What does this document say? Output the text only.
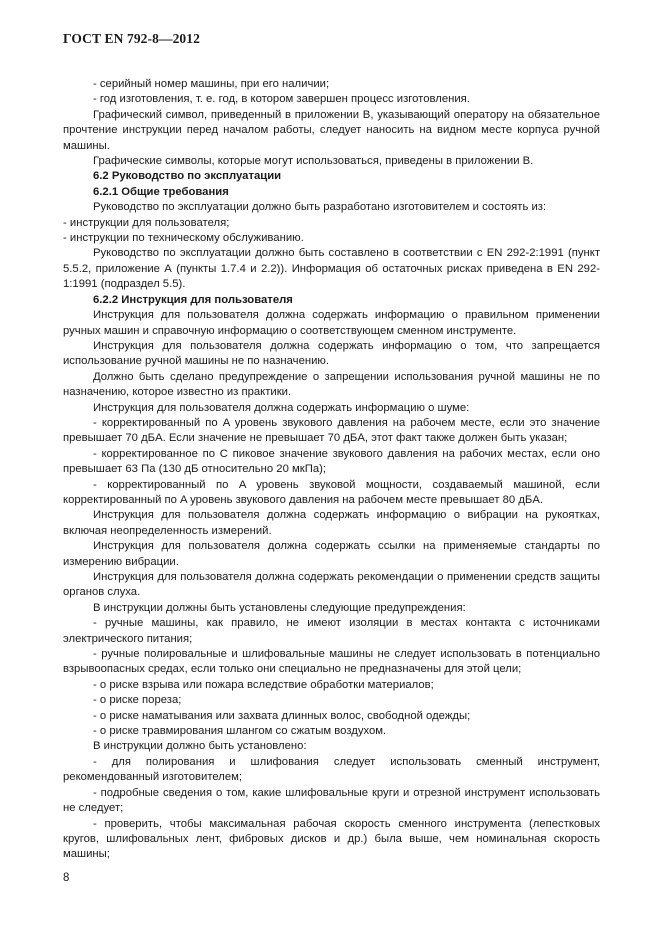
ГОСТ EN 792-8—2012

- серийный номер машины, при его наличии;

- год изготовления, т. е. год, в котором завершен процесс изготовления.

Графический символ, приведенный в приложении В, указывающий оператору на обязательное прочтение инструкции перед началом работы, следует наносить на видном месте корпуса ручной машины.

Графические символы, которые могут использоваться, приведены в приложении В.

6.2 Руководство по эксплуатации

6.2.1 Общие требования

Руководство по эксплуатации должно быть разработано изготовителем и состоять из:

- инструкции для пользователя;

- инструкции по техническому обслуживанию.

Руководство по эксплуатации должно быть составлено в соответствии с EN 292-2:1991 (пункт 5.5.2, приложение А (пункты 1.7.4 и 2.2)). Информация об остаточных рисках приведена в EN 292-1:1991 (подраздел 5.5).

6.2.2 Инструкция для пользователя

Инструкция для пользователя должна содержать информацию о правильном применении ручных машин и справочную информацию о соответствующем сменном инструменте.

Инструкция для пользователя должна содержать информацию о том, что запрещается использование ручной машины не по назначению.

Должно быть сделано предупреждение о запрещении использования ручной машины не по назначению, которое известно из практики.

Инструкция для пользователя должна содержать информацию о шуме:

- корректированный по A уровень звукового давления на рабочем месте, если это значение превышает 70 дБA. Если значение не превышает 70 дБA, этот факт также должен быть указан;

- корректированное по C пиковое значение звукового давления на рабочих местах, если оно превышает 63 Па (130 дБ относительно 20 мкПа);

- корректированный по A уровень звуковой мощности, создаваемый машиной, если корректированный по A уровень звукового давления на рабочем месте превышает 80 дБA.

Инструкция для пользователя должна содержать информацию о вибрации на рукоятках, включая неопределенность измерений.

Инструкция для пользователя должна содержать ссылки на применяемые стандарты по измерению вибрации.

Инструкция для пользователя должна содержать рекомендации о применении средств защиты органов слуха.

В инструкции должны быть установлены следующие предупреждения:

- ручные машины, как правило, не имеют изоляции в местах контакта с источниками электрического питания;

- ручные полировальные и шлифовальные машины не следует использовать в потенциально взрывоопасных средах, если только они специально не предназначены для этой цели;

- о риске взрыва или пожара вследствие обработки материалов;

- о риске пореза;

- о риске наматывания или захвата длинных волос, свободной одежды;

- о риске травмирования шлангом со сжатым воздухом.

В инструкции должно быть установлено:

- для полирования и шлифования следует использовать сменный инструмент, рекомендованный изготовителем;

- подробные сведения о том, какие шлифовальные круги и отрезной инструмент использовать не следует;

- проверить, чтобы максимальная рабочая скорость сменного инструмента (лепестковых кругов, шлифовальных лент, фибровых дисков и др.) была выше, чем номинальная скорость машины;

8
